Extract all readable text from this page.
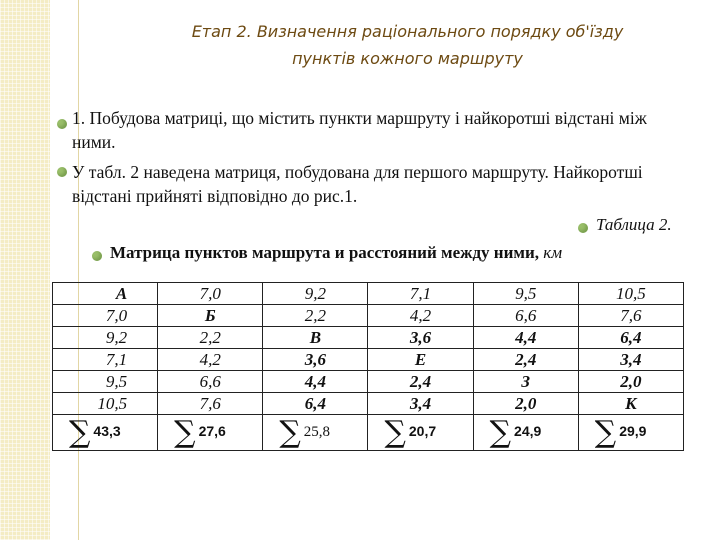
Етап 2. Визначення раціонального порядку об'їзду
пунктів кожного маршруту
1. Побудова матриці, що містить пункти маршруту і найкоротші відстані між ними.
У табл. 2 наведена матриця, побудована для першого маршруту. Найкоротші відстані прийняті відповідно до рис.1.
Таблица 2.
Матрица пунктов маршрута и расстояний между ними, км
А	7,0	9,2	7,1	9,5	10,5
7,0	Б	2,2	4,2	6,6	7,6
9,2	2,2	В	3,6	4,4	6,4
7,1	4,2	3,6	Е	2,4	3,4
9,5	6,6	4,4	2,4	З	2,0
10,5	7,6	6,4	3,4	2,0	К
∑ 43,3	∑ 27,6	∑ 25,8	∑ 20,7	∑ 24,9	∑ 29,9
